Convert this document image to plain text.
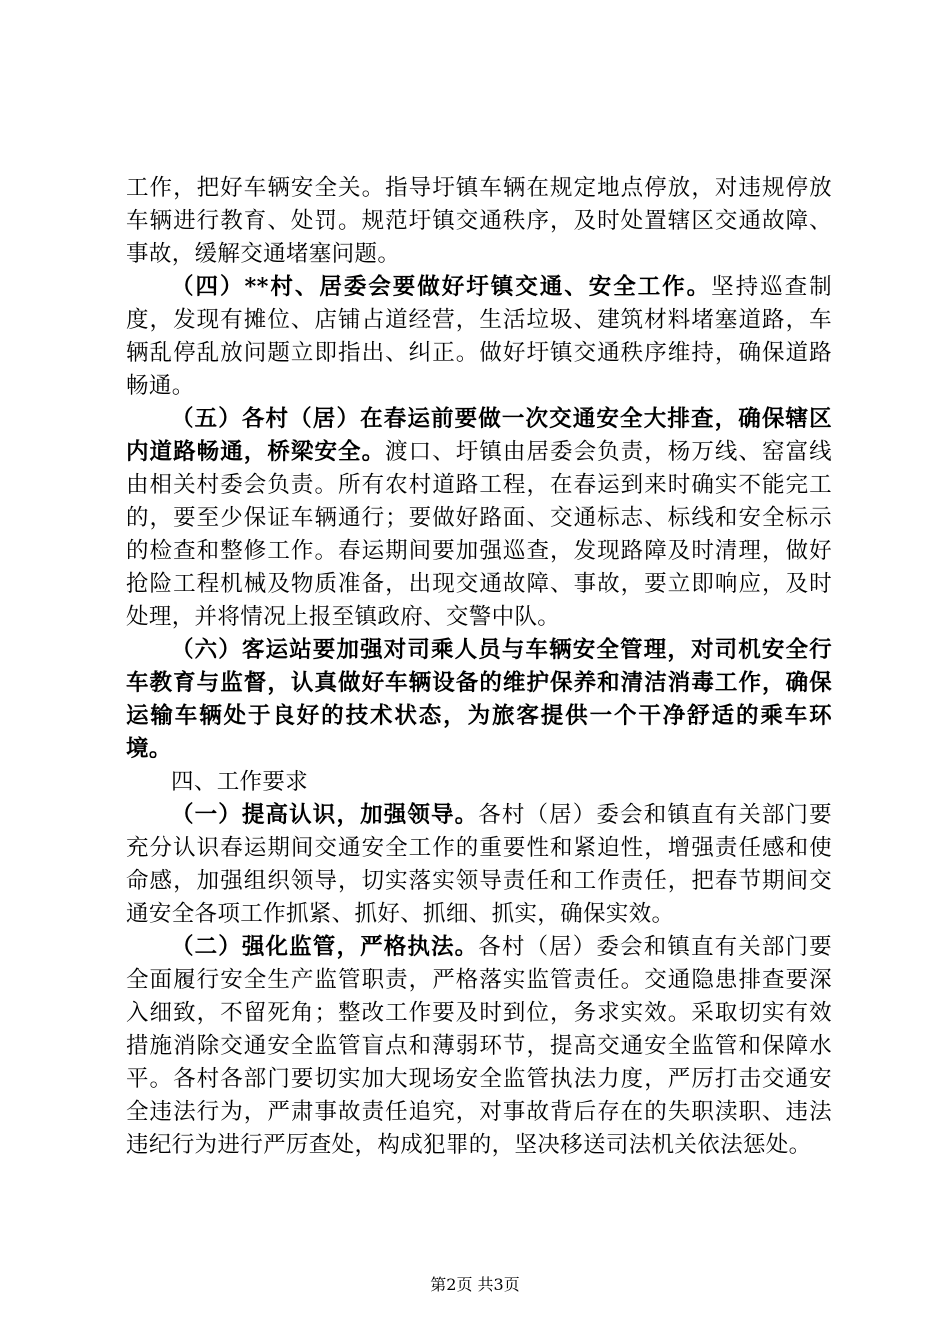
工作，把好车辆安全关。指导圩镇车辆在规定地点停放，对违规停放车辆进行教育、处罚。规范圩镇交通秩序，及时处置辖区交通故障、事故，缓解交通堵塞问题。

（四）**村、居委会要做好圩镇交通、安全工作。坚持巡查制度，发现有摊位、店铺占道经营，生活垃圾、建筑材料堵塞道路，车辆乱停乱放问题立即指出、纠正。做好圩镇交通秩序维持，确保道路畅通。

（五）各村（居）在春运前要做一次交通安全大排查，确保辖区内道路畅通，桥梁安全。渡口、圩镇由居委会负责，杨万线、窑富线由相关村委会负责。所有农村道路工程，在春运到来时确实不能完工的，要至少保证车辆通行；要做好路面、交通标志、标线和安全标示的检查和整修工作。春运期间要加强巡查，发现路障及时清理，做好抢险工程机械及物质准备，出现交通故障、事故，要立即响应，及时处理，并将情况上报至镇政府、交警中队。

（六）客运站要加强对司乘人员与车辆安全管理，对司机安全行车教育与监督，认真做好车辆设备的维护保养和清洁消毒工作，确保运输车辆处于良好的技术状态，为旅客提供一个干净舒适的乘车环境。

四、工作要求

（一）提高认识，加强领导。各村（居）委会和镇直有关部门要充分认识春运期间交通安全工作的重要性和紧迫性，增强责任感和使命感，加强组织领导，切实落实领导责任和工作责任，把春节期间交通安全各项工作抓紧、抓好、抓细、抓实，确保实效。

（二）强化监管，严格执法。各村（居）委会和镇直有关部门要全面履行安全生产监管职责，严格落实监管责任。交通隐患排查要深入细致，不留死角；整改工作要及时到位，务求实效。采取切实有效措施消除交通安全监管盲点和薄弱环节，提高交通安全监管和保障水平。各村各部门要切实加大现场安全监管执法力度，严厉打击交通安全违法行为，严肃事故责任追究，对事故背后存在的失职渎职、违法违纪行为进行严厉查处，构成犯罪的，坚决移送司法机关依法惩处。

第2页 共3页
